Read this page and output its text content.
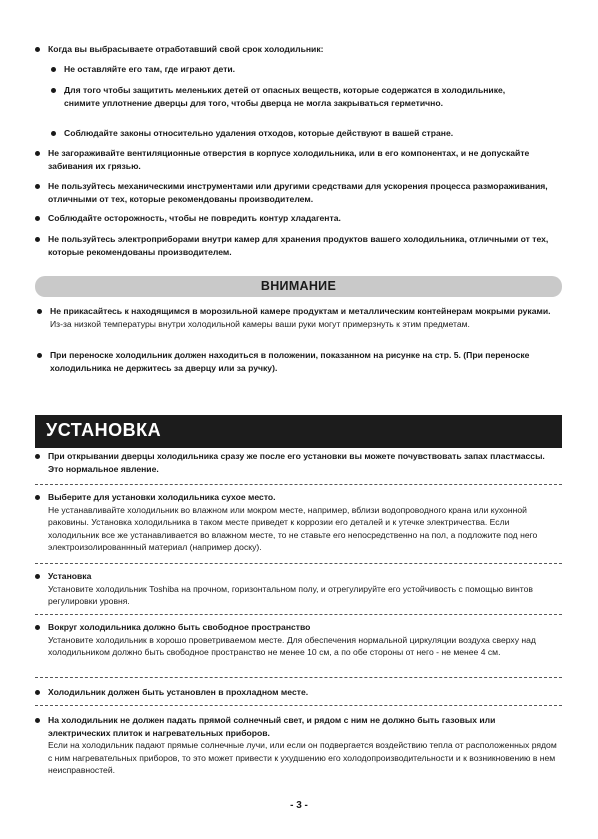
Когда вы выбрасываете отработавший свой срок холодильник:
Не оставляйте его там, где играют дети.
Для того чтобы защитить меленьких детей от опасных веществ, которые содержатся в холодильнике, снимите уплотнение дверцы для того, чтобы дверца не могла закрываться герметично.
Соблюдайте законы относительно удаления отходов, которые действуют в вашей стране.
Не загораживайте вентиляционные отверстия в корпусе холодильника, или в его компонентах, и не допускайте забивания их грязью.
Не пользуйтесь механическими инструментами или другими средствами для ускорения процесса размораживания, отличными от тех, которые рекомендованы производителем.
Соблюдайте осторожность, чтобы не повредить контур хладагента.
Не пользуйтесь электроприборами внутри камер для хранения продуктов вашего холодильника, отличными от тех, которые рекомендованы производителем.
ВНИМАНИЕ
Не прикасайтесь к находящимся в морозильной камере продуктам и металлическим контейнерам мокрыми руками.
Из-за низкой температуры внутри холодильной камеры ваши руки могут примерзнуть к этим предметам.
При переноске холодильник должен находиться в положении, показанном на рисунке на стр. 5. (При переноске холодильника не держитесь за дверцу или за ручку).
УСТАНОВКА
При открывании дверцы холодильника сразу же после его установки вы можете почувствовать запах пластмассы. Это нормальное явление.
Выберите для установки холодильника сухое место.
Не устанавливайте холодильник во влажном или мокром месте, например, вблизи водопроводного крана или кухонной раковины. Установка холодильника в таком месте приведет к коррозии его деталей и к утечке электричества. Если холодильник все же устанавливается во влажном месте, то не ставьте его непосредственно на пол, а подложите под него электроизолированнный материал (например доску).
Установка
Установите холодильник Toshiba на прочном, горизонтальном полу, и отрегулируйте его устойчивость с помощью винтов регулировки уровня.
Вокруг холодильника должно быть свободное пространство
Установите холодильник в хорошо проветриваемом месте. Для обеспечения нормальной циркуляции воздуха сверху над холодильником должно быть свободное пространство не менее 10 см, а по обе стороны от него - не менее 4 см.
Холодильник должен быть установлен в прохладном месте.
На холодильник не должен падать прямой солнечный свет, и рядом с ним не должно быть газовых или электрических плиток и нагревательных приборов.
Если на холодильник падают прямые солнечные лучи, или если он подвергается воздействию тепла от расположенных рядом с ним нагревательных приборов, то это может привести к ухудшению его холодопроизводительности и к возникновению в нем неисправностей.
- 3 -
